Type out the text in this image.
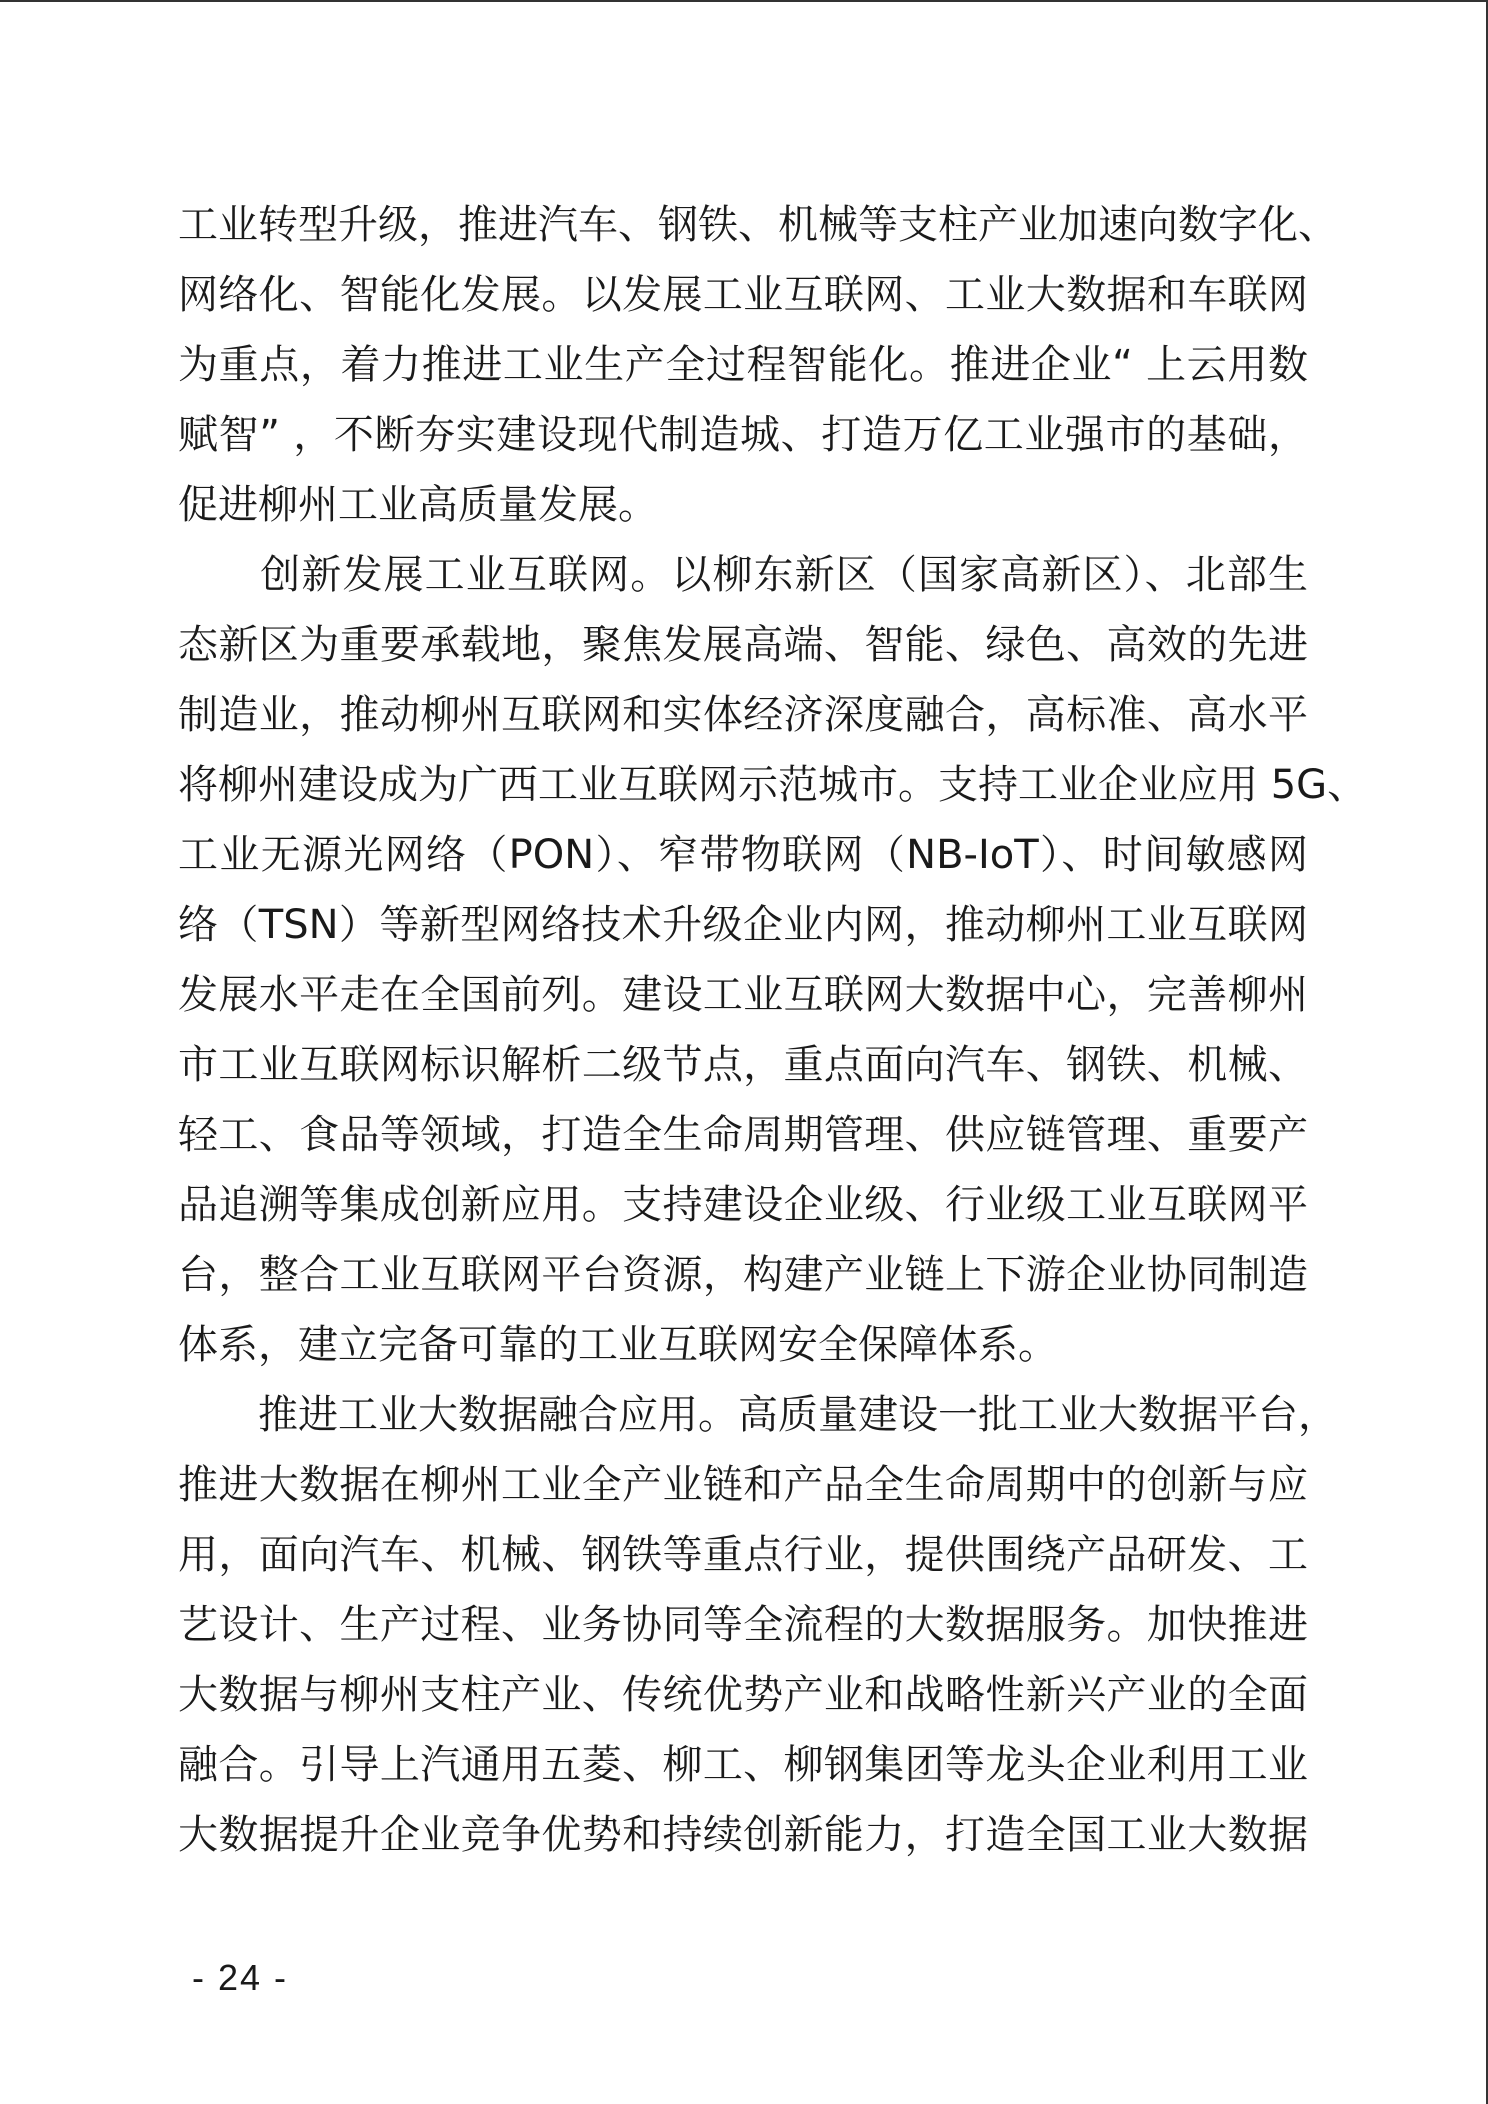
工业转型升级，推进汽车、钢铁、机械等支柱产业加速向数字化、
网络化、智能化发展。以发展工业互联网、工业大数据和车联网
为重点，着力推进工业生产全过程智能化。推进企业“ 上云用数
赋智” ，不断夯实建设现代制造城、打造万亿工业强市的基础，
促进柳州工业高质量发展。
　　创新发展工业互联网。以柳东新区（国家高新区）、北部生
态新区为重要承载地，聚焦发展高端、智能、绿色、高效的先进
制造业，推动柳州互联网和实体经济深度融合，高标准、高水平
将柳州建设成为广西工业互联网示范城市。支持工业企业应用 5G、
工业无源光网络（PON）、窄带物联网（NB-IoT）、时间敏感网
络（TSN）等新型网络技术升级企业内网，推动柳州工业互联网
发展水平走在全国前列。建设工业互联网大数据中心，完善柳州
市工业互联网标识解析二级节点，重点面向汽车、钢铁、机械、
轻工、食品等领域，打造全生命周期管理、供应链管理、重要产
品追溯等集成创新应用。支持建设企业级、行业级工业互联网平
台，整合工业互联网平台资源，构建产业链上下游企业协同制造
体系，建立完备可靠的工业互联网安全保障体系。
　　推进工业大数据融合应用。高质量建设一批工业大数据平台，
推进大数据在柳州工业全产业链和产品全生命周期中的创新与应
用，面向汽车、机械、钢铁等重点行业，提供围绕产品研发、工
艺设计、生产过程、业务协同等全流程的大数据服务。加快推进
大数据与柳州支柱产业、传统优势产业和战略性新兴产业的全面
融合。引导上汽通用五菱、柳工、柳钢集团等龙头企业利用工业
大数据提升企业竞争优势和持续创新能力，打造全国工业大数据
- 24 -
